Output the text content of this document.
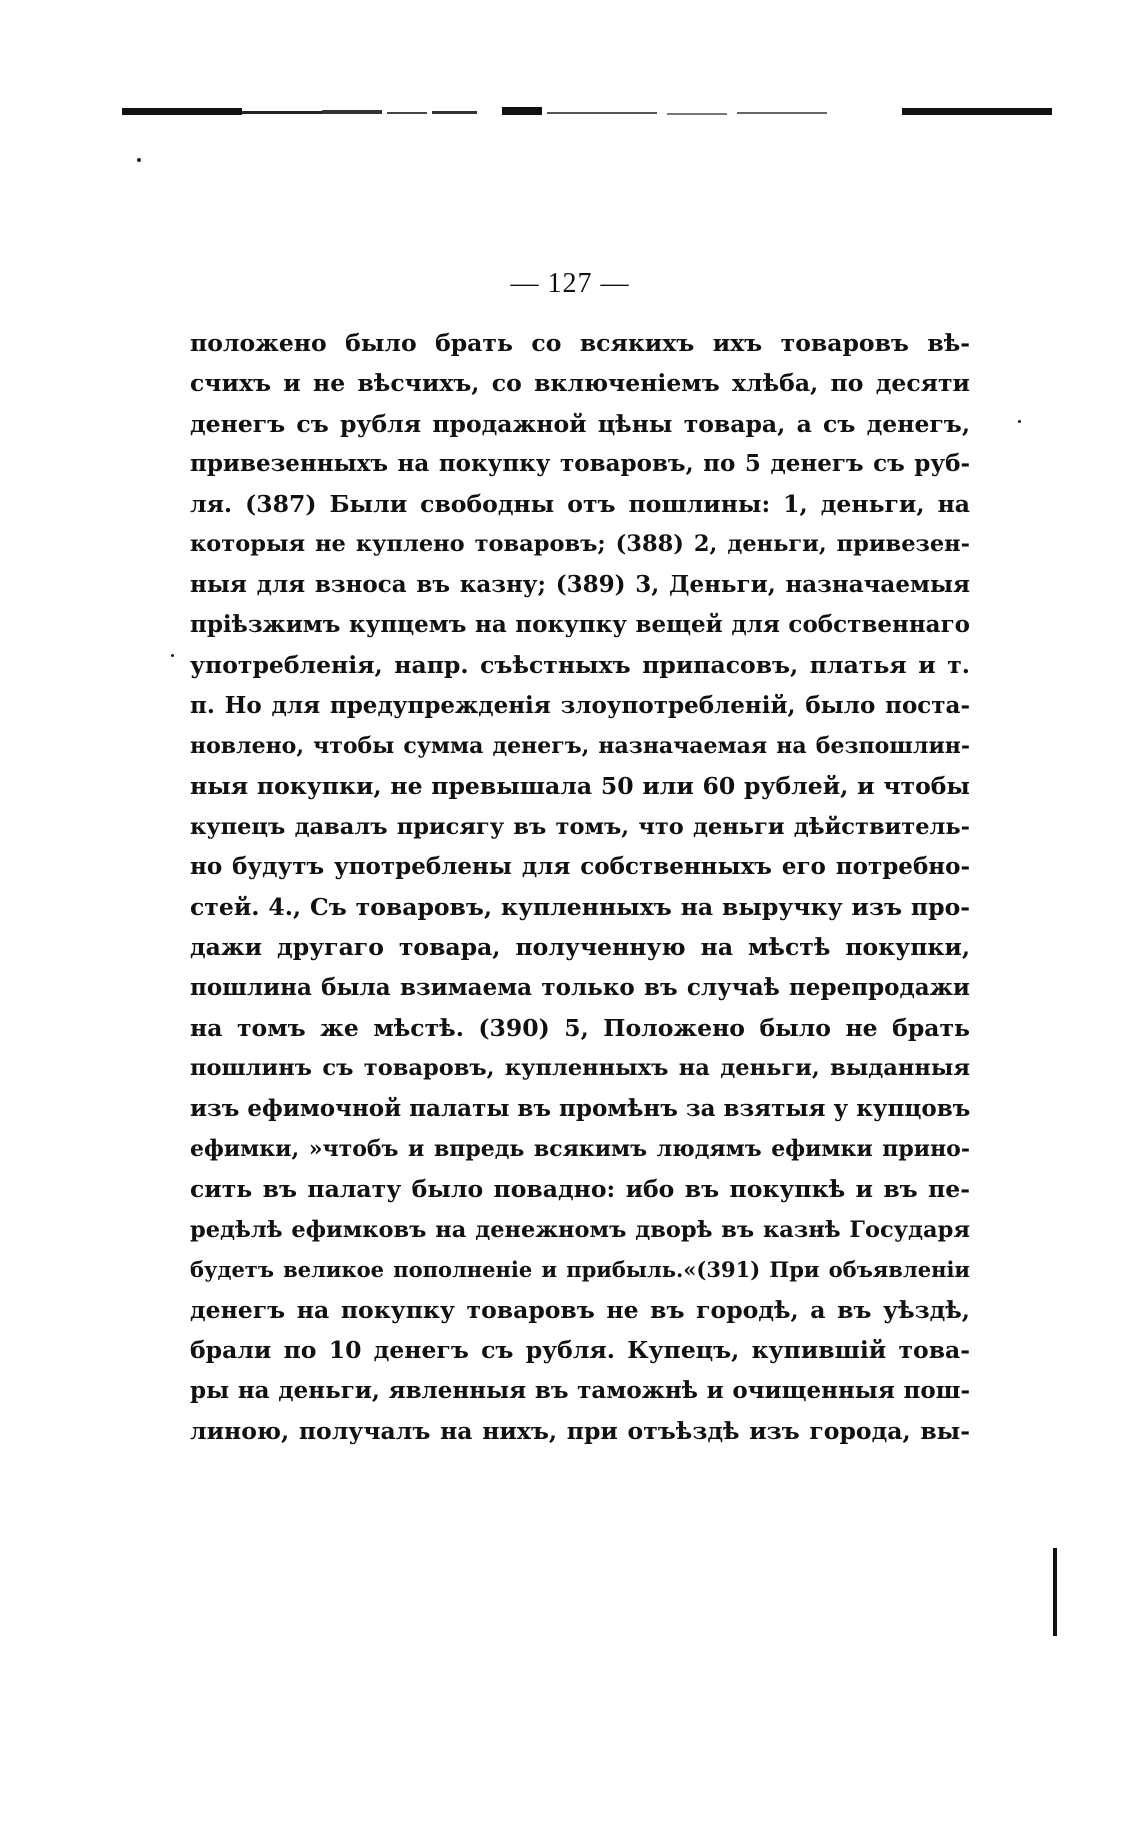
— 127 —
положено было брать со всякихъ ихъ товаровъ вѣ-
счихъ и не вѣсчихъ, со включеніемъ хлѣба, по десяти
денегъ съ рубля продажной цѣны товара, а съ денегъ,
привезенныхъ на покупку товаровъ, по 5 денегъ съ руб-
ля. (387) Были свободны отъ пошлины: 1, деньги, на
которыя не куплено товаровъ; (388) 2, деньги, привезен-
ныя для взноса въ казну; (389) 3, Деньги, назначаемыя
пріѣзжимъ купцемъ на покупку вещей для собственнаго
употребленія, напр. съѣстныхъ припасовъ, платья и т.
п. Но для предупрежденія злоупотребленій, было поста-
новлено, чтобы сумма денегъ, назначаемая на безпошлин-
ныя покупки, не превышала 50 или 60 рублей, и чтобы
купецъ давалъ присягу въ томъ, что деньги дѣйствитель-
но будутъ употреблены для собственныхъ его потребно-
стей. 4., Съ товаровъ, купленныхъ на выручку изъ про-
дажи другаго товара, полученную на мѣстѣ покупки,
пошлина была взимаема только въ случаѣ перепродажи
на томъ же мѣстѣ. (390) 5, Положено было не брать
пошлинъ съ товаровъ, купленныхъ на деньги, выданныя
изъ ефимочной палаты въ промѣнъ за взятыя у купцовъ
ефимки, »чтобъ и впредь всякимъ людямъ ефимки прино-
сить въ палату было повадно: ибо въ покупкѣ и въ пе-
редѣлѣ ефимковъ на денежномъ дворѣ въ казнѣ Государя
будетъ великое пополненіе и прибыль.«(391) При объявленіи
денегъ на покупку товаровъ не въ городѣ, а въ уѣздѣ,
брали по 10 денегъ съ рубля. Купецъ, купившій това-
ры на деньги, явленныя въ таможнѣ и очищенныя пош-
линою, получалъ на нихъ, при отъѣздѣ изъ города, вы-
